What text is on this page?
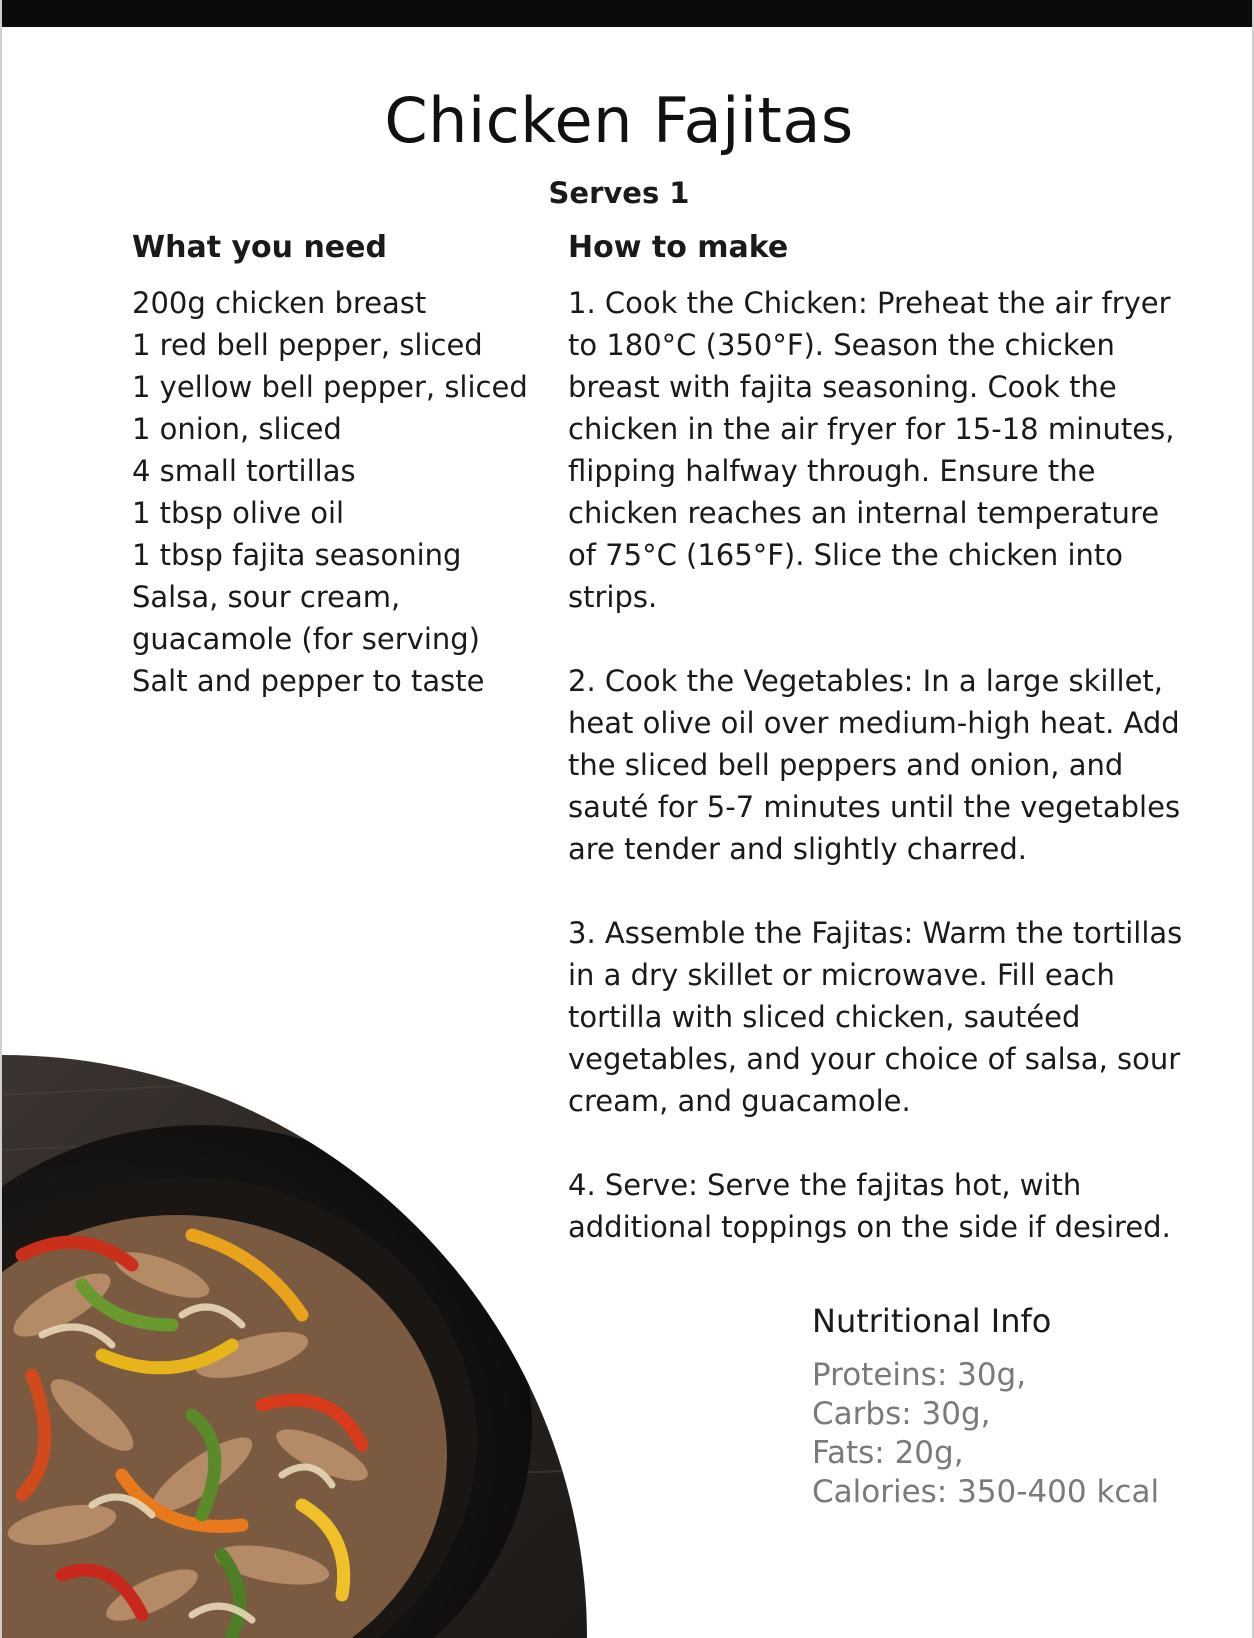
Chicken Fajitas
Serves 1
What you need	How to make
200g chicken breast
1 red bell pepper, sliced
1 yellow bell pepper, sliced
1 onion, sliced
4 small tortillas
1 tbsp olive oil
1 tbsp fajita seasoning
Salsa, sour cream,
guacamole (for serving)
Salt and pepper to taste

1. Cook the Chicken: Preheat the air fryer to 180°C (350°F). Season the chicken breast with fajita seasoning. Cook the chicken in the air fryer for 15-18 minutes, flipping halfway through. Ensure the chicken reaches an internal temperature of 75°C (165°F). Slice the chicken into strips.

2. Cook the Vegetables: In a large skillet, heat olive oil over medium-high heat. Add the sliced bell peppers and onion, and sauté for 5-7 minutes until the vegetables are tender and slightly charred.

3. Assemble the Fajitas: Warm the tortillas in a dry skillet or microwave. Fill each tortilla with sliced chicken, sautéed vegetables, and your choice of salsa, sour cream, and guacamole.

4. Serve: Serve the fajitas hot, with additional toppings on the side if desired.

Nutritional Info
Proteins: 30g,
Carbs: 30g,
Fats: 20g,
Calories: 350-400 kcal
